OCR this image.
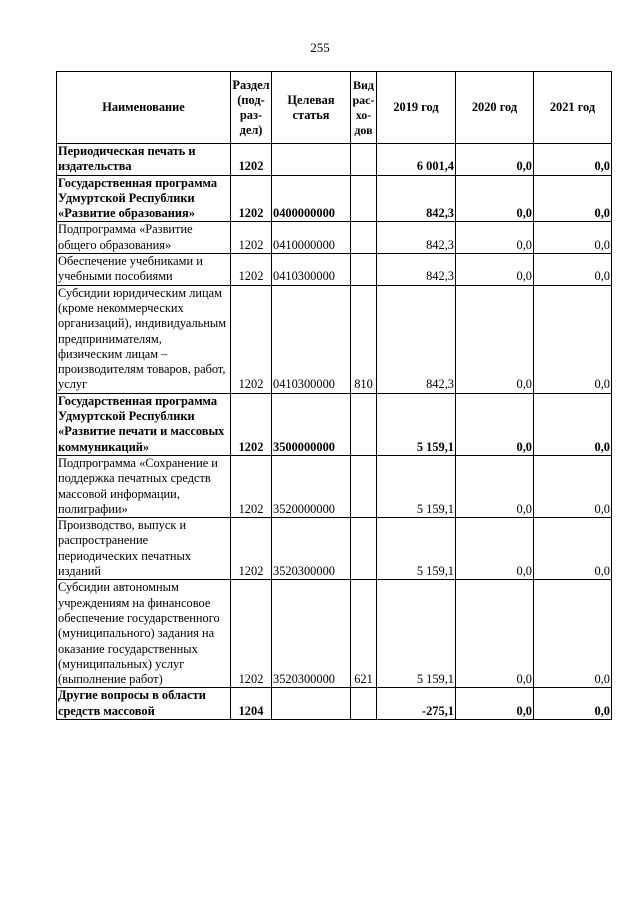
255
Наименование	Раздел (под-раз-дел)	Целевая статья	Вид рас-хо-дов	2019 год	2020 год	2021 год
Периодическая печать и издательства	1202			6 001,4	0,0	0,0
Государственная программа Удмуртской Республики «Развитие образования»	1202	0400000000		842,3	0,0	0,0
Подпрограмма «Развитие общего образования»	1202	0410000000		842,3	0,0	0,0
Обеспечение учебниками и учебными пособиями	1202	0410300000		842,3	0,0	0,0
Субсидии юридическим лицам (кроме некоммерческих организаций), индивидуальным предпринимателям, физическим лицам – производителям товаров, работ, услуг	1202	0410300000	810	842,3	0,0	0,0
Государственная программа Удмуртской Республики «Развитие печати и массовых коммуникаций»	1202	3500000000		5 159,1	0,0	0,0
Подпрограмма «Сохранение и поддержка печатных средств массовой информации, полиграфии»	1202	3520000000		5 159,1	0,0	0,0
Производство, выпуск и распространение периодических печатных изданий	1202	3520300000		5 159,1	0,0	0,0
Субсидии автономным учреждениям на финансовое обеспечение государственного (муниципального) задания на оказание государственных (муниципальных) услуг (выполнение работ)	1202	3520300000	621	5 159,1	0,0	0,0
Другие вопросы в области средств массовой	1204			-275,1	0,0	0,0
